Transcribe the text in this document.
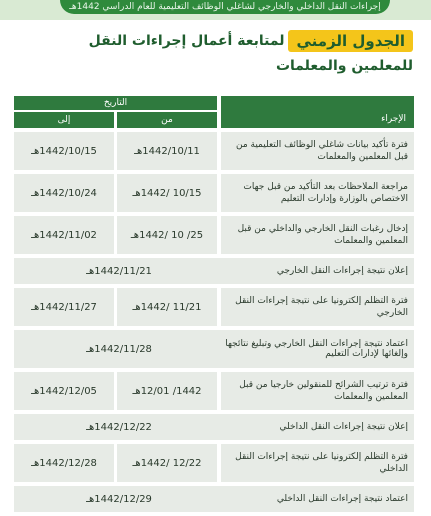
إجراءات النقل الداخلي والخارجي لشاغلي الوظائف التعليمية للعام الدراسي 1442هـ
الجدول الزمني
لمتابعة أعمال إجراءات النقل
للمعلمين والمعلمات
الإجراء
التاريخ
من
إلى
فترة تأكيد بيانات شاغلي الوظائف التعليمية من قبل المعلمين والمعلمات
1442/10/11هـ
1442/10/15هـ
مراجعة الملاحظات بعد التأكيد من قبل جهات الاختصاص بالوزارة وإدارات التعليم
10/15 /1442هـ
1442/10/24هـ
إدخال رغبات النقل الخارجي والداخلي من قبل المعلمين والمعلمات
25/ 10 /1442هـ
1442/11/02هـ
إعلان نتيجة إجراءات النقل الخارجي
1442/11/21هـ
فترة التظلم إلكترونيا على نتيجة إجراءات النقل الخارجي
11/21 /1442هـ
1442/11/27هـ
اعتماد نتيجة إجراءات النقل الخارجي وتبليغ نتائجها وإلغائها لإدارات التعليم
1442/11/28هـ
فترة ترتيب الشرائح للمنقولين خارجيا من قبل المعلمين والمعلمات
1442/ 12/01هـ
1442/12/05هـ
إعلان نتيجة إجراءات النقل الداخلي
1442/12/22هـ
فترة التظلم إلكترونيا على نتيجة إجراءات النقل الداخلي
12/22 /1442هـ
1442/12/28هـ
اعتماد نتيجة إجراءات النقل الداخلي
1442/12/29هـ
